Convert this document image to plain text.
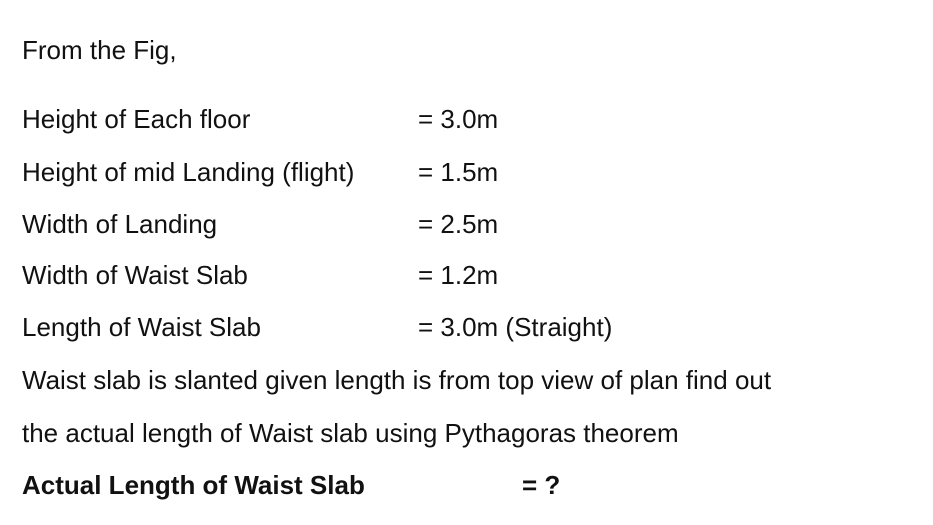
From the Fig,
Height of Each floor	= 3.0m
Height of mid Landing (flight) = 1.5m
Width of Landing	= 2.5m
Width of Waist Slab	= 1.2m
Length of Waist Slab	= 3.0m (Straight)
Waist slab is slanted given length is from top view of plan find out
the actual length of Waist slab using Pythagoras theorem
Actual Length of Waist Slab	= ?
